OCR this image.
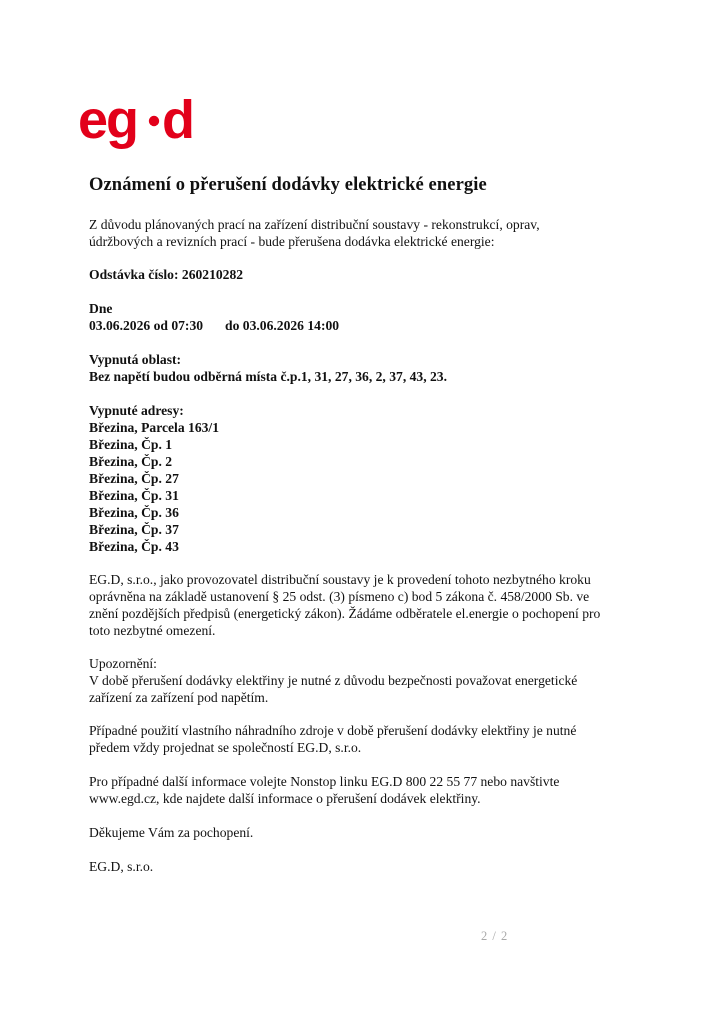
eg d
Oznámení o přerušení dodávky elektrické energie
Z důvodu plánovaných prací na zařízení distribuční soustavy - rekonstrukcí, oprav,
údržbových a revizních prací - bude přerušena dodávka elektrické energie:
Odstávka číslo: 260210282
Dne
03.06.2026 od 07:30 do 03.06.2026 14:00
Vypnutá oblast:
Bez napětí budou odběrná místa č.p.1, 31, 27, 36, 2, 37, 43, 23.
Vypnuté adresy:
Březina, Parcela 163/1
Březina, Čp. 1
Březina, Čp. 2
Březina, Čp. 27
Březina, Čp. 31
Březina, Čp. 36
Březina, Čp. 37
Březina, Čp. 43
EG.D, s.r.o., jako provozovatel distribuční soustavy je k provedení tohoto nezbytného kroku
oprávněna na základě ustanovení § 25 odst. (3) písmeno c) bod 5 zákona č. 458/2000 Sb. ve
znění pozdějších předpisů (energetický zákon). Žádáme odběratele el.energie o pochopení pro
toto nezbytné omezení.
Upozornění:
V době přerušení dodávky elektřiny je nutné z důvodu bezpečnosti považovat energetické
zařízení za zařízení pod napětím.
Případné použití vlastního náhradního zdroje v době přerušení dodávky elektřiny je nutné
předem vždy projednat se společností EG.D, s.r.o.
Pro případné další informace volejte Nonstop linku EG.D 800 22 55 77 nebo navštivte
www.egd.cz, kde najdete další informace o přerušení dodávek elektřiny.
Děkujeme Vám za pochopení.
EG.D, s.r.o.
2 / 2
